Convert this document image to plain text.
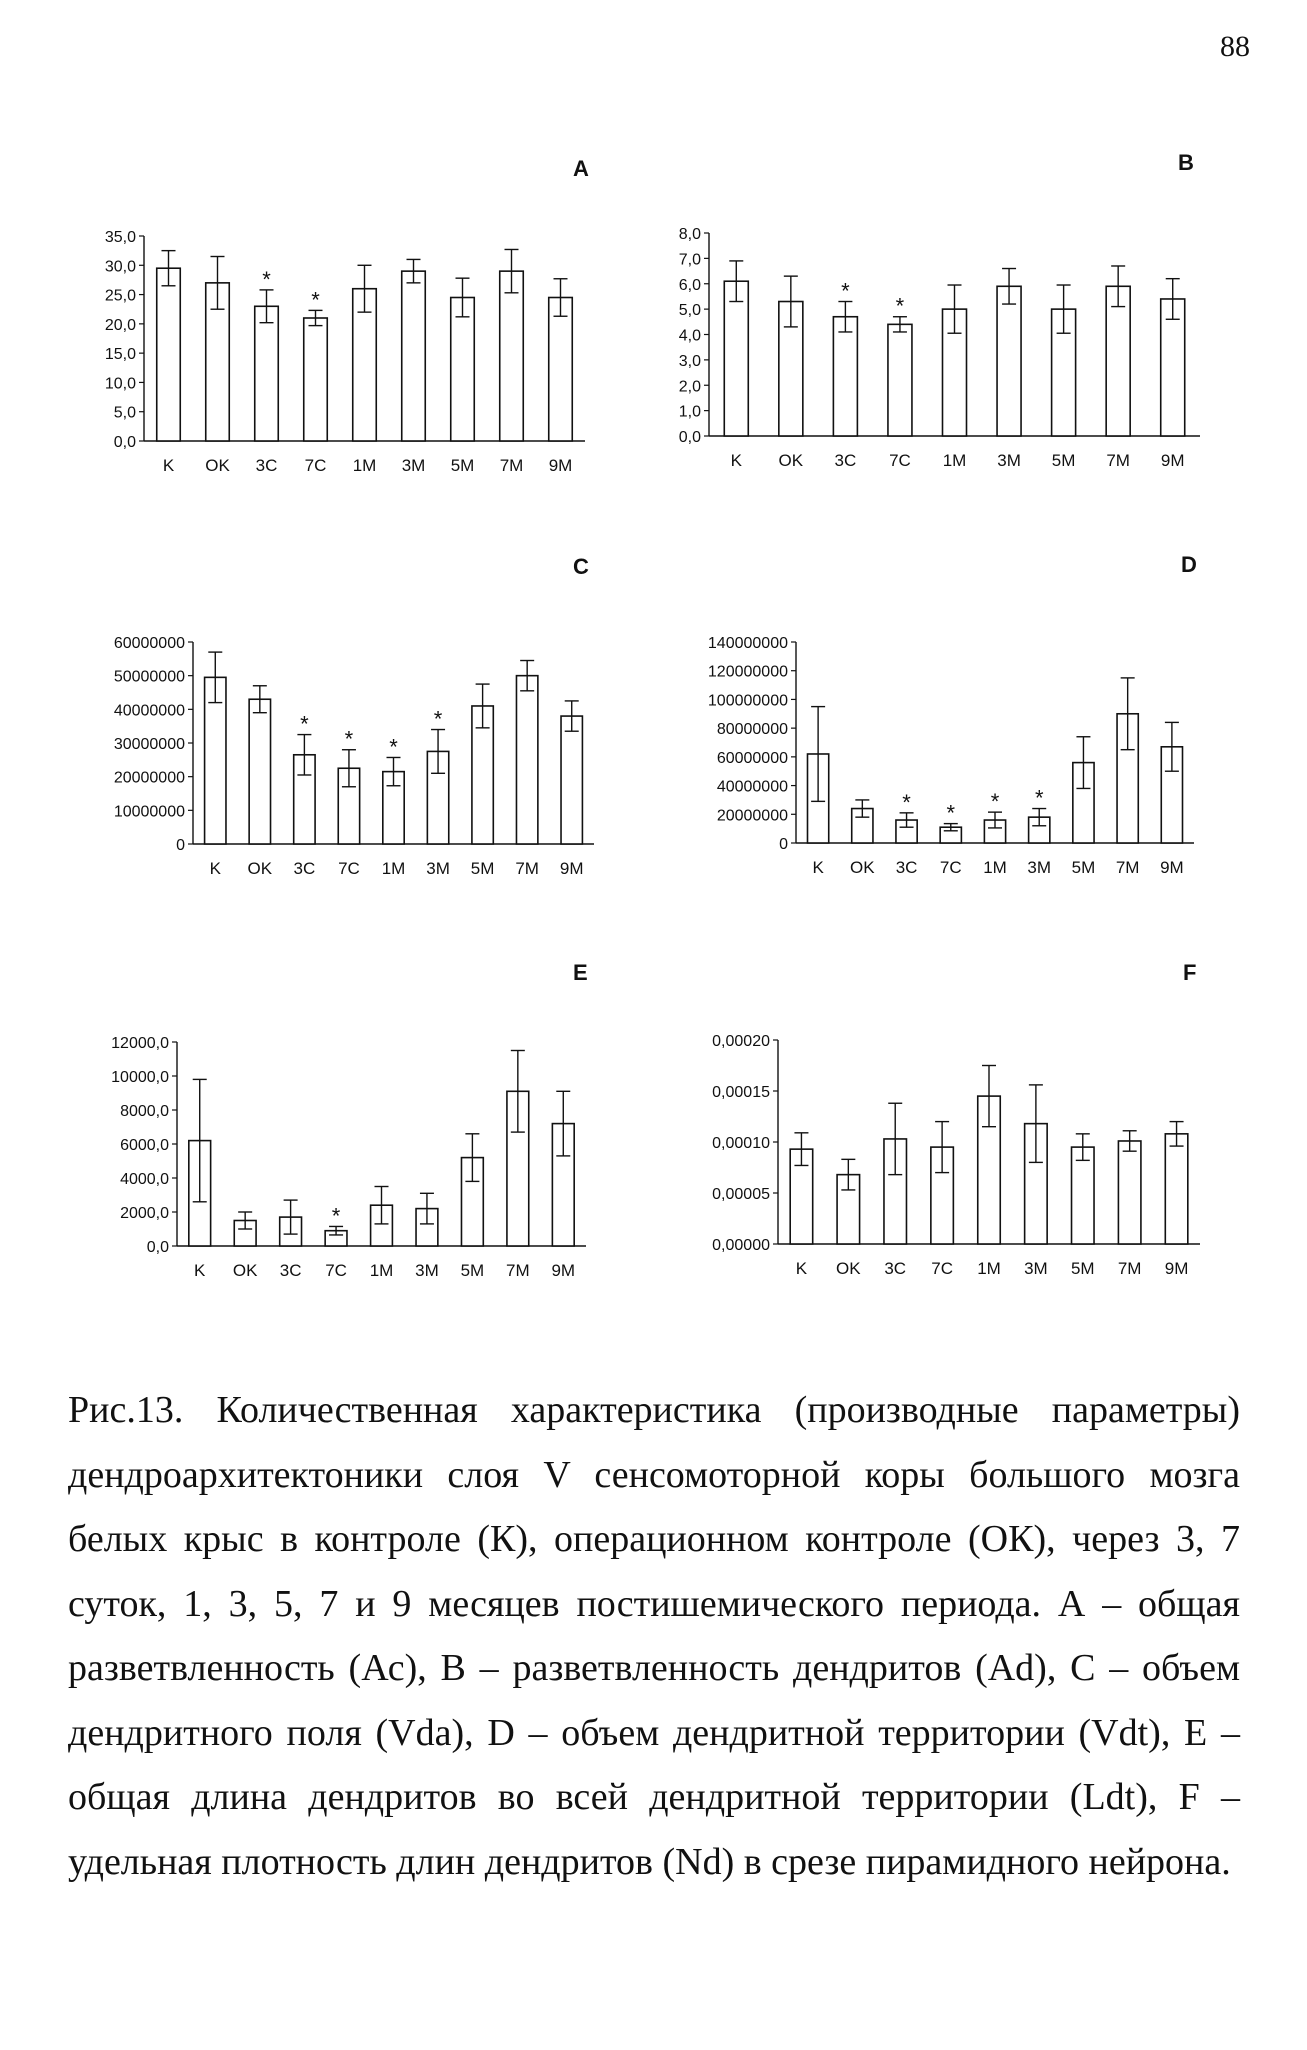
88
A
35,0
30,0
25,0
20,0
15,0
10,0
5,0
0,0
K OK
*
3C
*
7C 1M 3M 5M 7M 9M
B
8,0
7,0
6,0
5,0
4,0
3,0
2,0
1,0
0,0
K OK
*
3C
*
7C 1M 3M 5M 7M 9M
C
60000000
50000000
40000000
30000000
20000000
10000000
0
K OK
*
3C
*
7C
*
1M
*
3M 5M 7M 9M
D
140000000
120000000
100000000
80000000
60000000
40000000
20000000
0
K OK
*
3C
*
7C
*
1M
*
3M 5M 7M 9M
E
12000,0
10000,0
8000,0
6000,0
4000,0
2000,0
0,0
K OK 3C
*
7C 1M 3M 5M 7M 9M
F
0,00020
0,00015
0,00010
0,00005
0,00000
K OK 3C 7C 1M 3M 5M 7M 9M
Рис.13. Количественная характеристика (производные параметры) дендроархитектоники слоя V сенсомоторной коры большого мозга белых крыс в контроле (К), операционном контроле (ОК), через 3, 7 суток, 1, 3, 5, 7 и 9 месяцев постишемического периода. А – общая разветвленность (Ас), B – разветвленность дендритов (Ad), С – объем дендритного поля (Vda), D – объем дендритной территории (Vdt), E – общая длина дендритов во всей дендритной территории (Ldt), F – удельная плотность длин дендритов (Nd) в срезе пирамидного нейрона.
